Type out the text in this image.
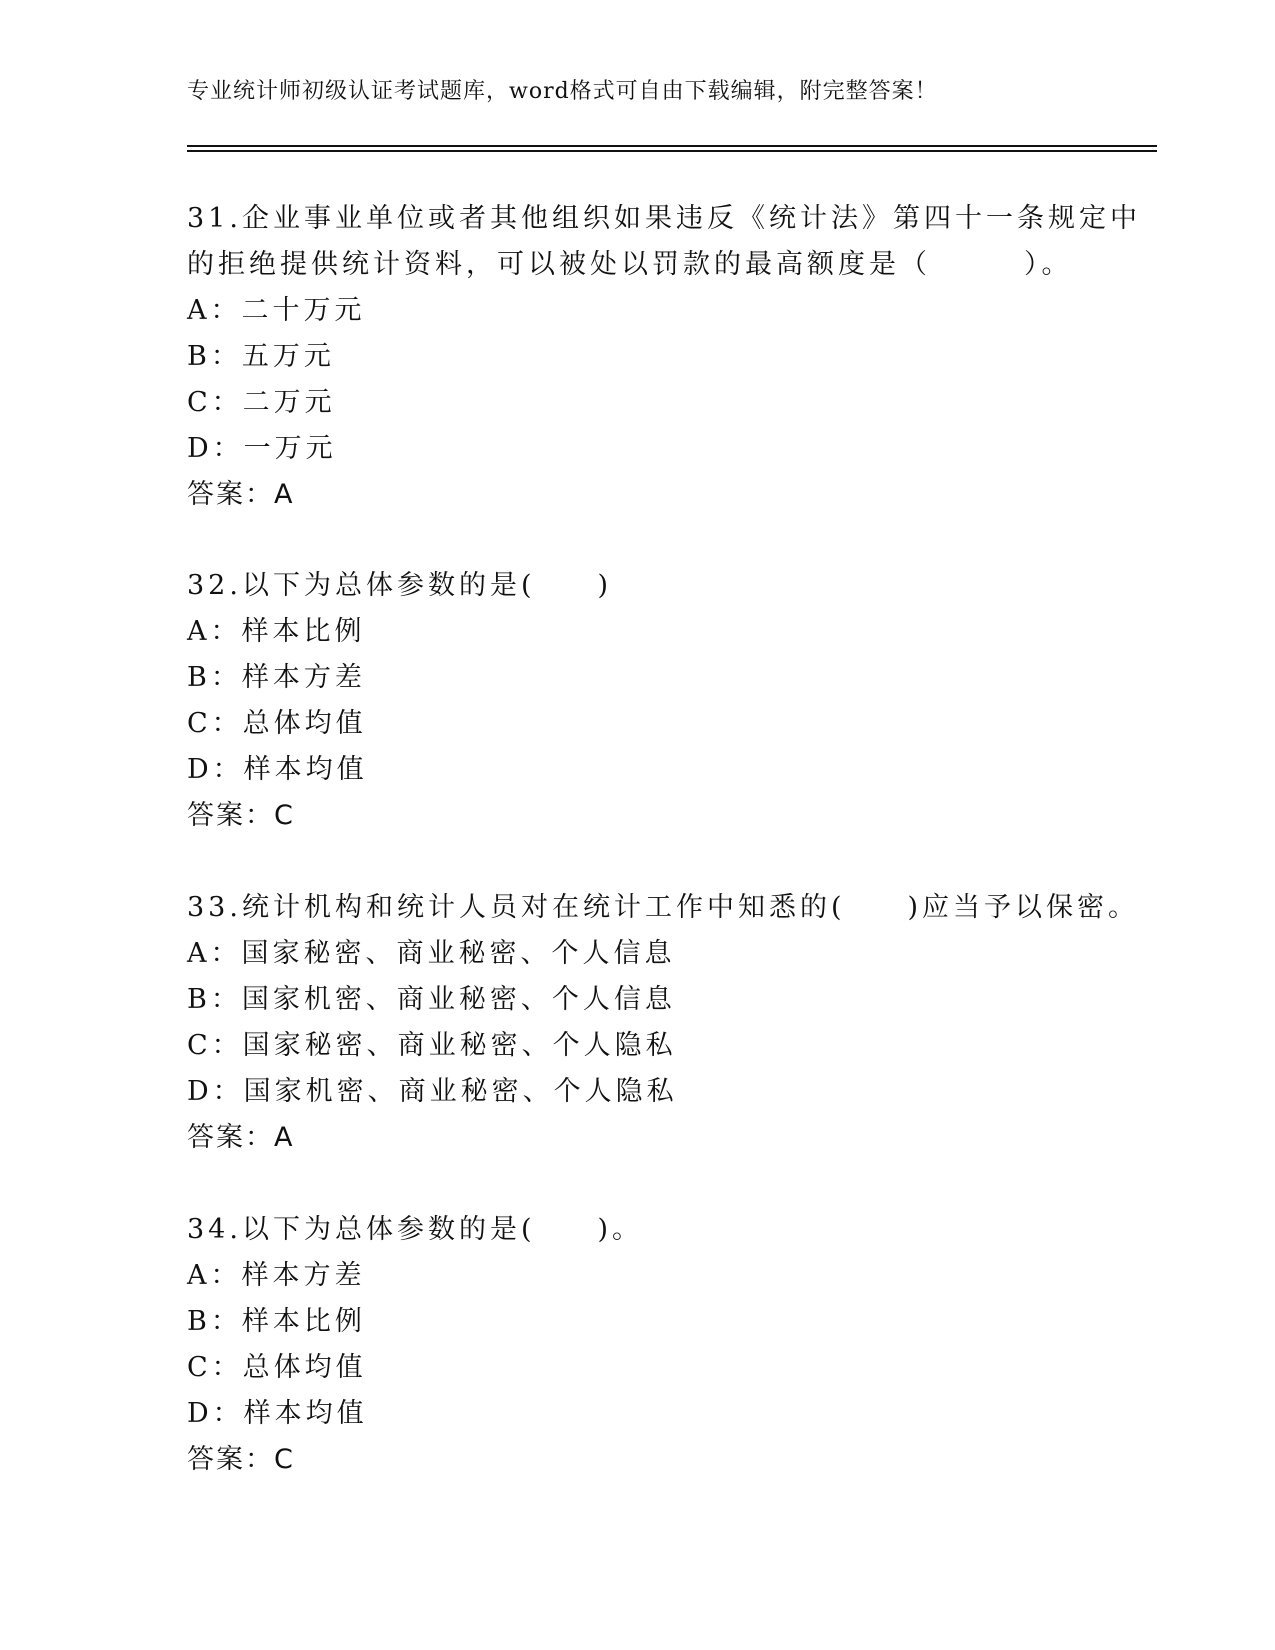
专业统计师初级认证考试题库，word格式可自由下载编辑，附完整答案！
31.企业事业单位或者其他组织如果违反《统计法》第四十一条规定中
的拒绝提供统计资料，可以被处以罚款的最高额度是（　　　）。
A：二十万元
B：五万元
C：二万元
D：一万元
答案：A
32.以下为总体参数的是(　　)
A：样本比例
B：样本方差
C：总体均值
D：样本均值
答案：C
33.统计机构和统计人员对在统计工作中知悉的(　　)应当予以保密。
A：国家秘密、商业秘密、个人信息
B：国家机密、商业秘密、个人信息
C：国家秘密、商业秘密、个人隐私
D：国家机密、商业秘密、个人隐私
答案：A
34.以下为总体参数的是(　　)。
A：样本方差
B：样本比例
C：总体均值
D：样本均值
答案：C
